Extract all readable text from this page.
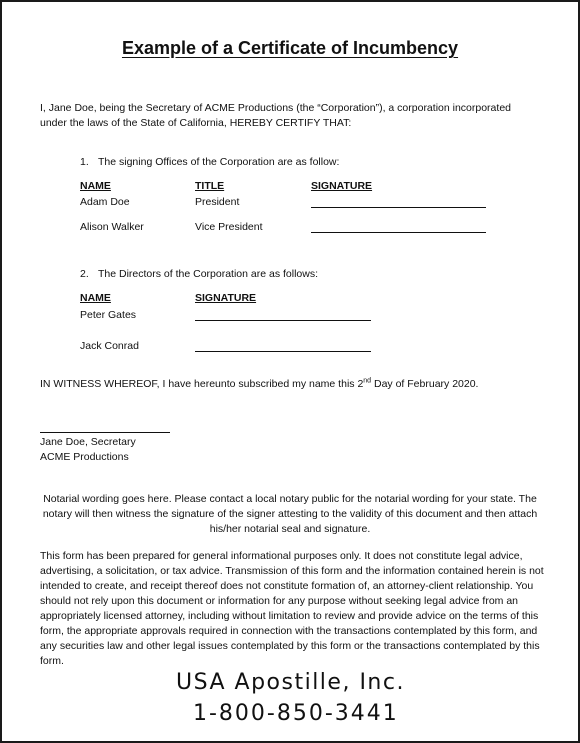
Example of a Certificate of Incumbency
I, Jane Doe, being the Secretary of ACME Productions (the “Corporation”), a corporation incorporated
under the laws of the State of California, HEREBY CERTIFY THAT:
1. The signing Offices of the Corporation are as follow:
NAME	TITLE	SIGNATURE
Adam Doe	President
Alison Walker	Vice President
2. The Directors of the Corporation are as follows:
NAME	SIGNATURE
Peter Gates
Jack Conrad
IN WITNESS WHEREOF, I have hereunto subscribed my name this 2nd Day of February 2020.
Jane Doe, Secretary
ACME Productions
Notarial wording goes here. Please contact a local notary public for the notarial wording for your state. The notary will then witness the signature of the signer attesting to the validity of this document and then attach his/her notarial seal and signature.
This form has been prepared for general informational purposes only. It does not constitute legal advice, advertising, a solicitation, or tax advice. Transmission of this form and the information contained herein is not intended to create, and receipt thereof does not constitute formation of, an attorney-client relationship. You should not rely upon this document or information for any purpose without seeking legal advice from an appropriately licensed attorney, including without limitation to review and provide advice on the terms of this form, the appropriate approvals required in connection with the transactions contemplated by this form, and any securities law and other legal issues contemplated by this form or the transactions contemplated by this form.
USA Apostille, Inc.
1-800-850-3441
